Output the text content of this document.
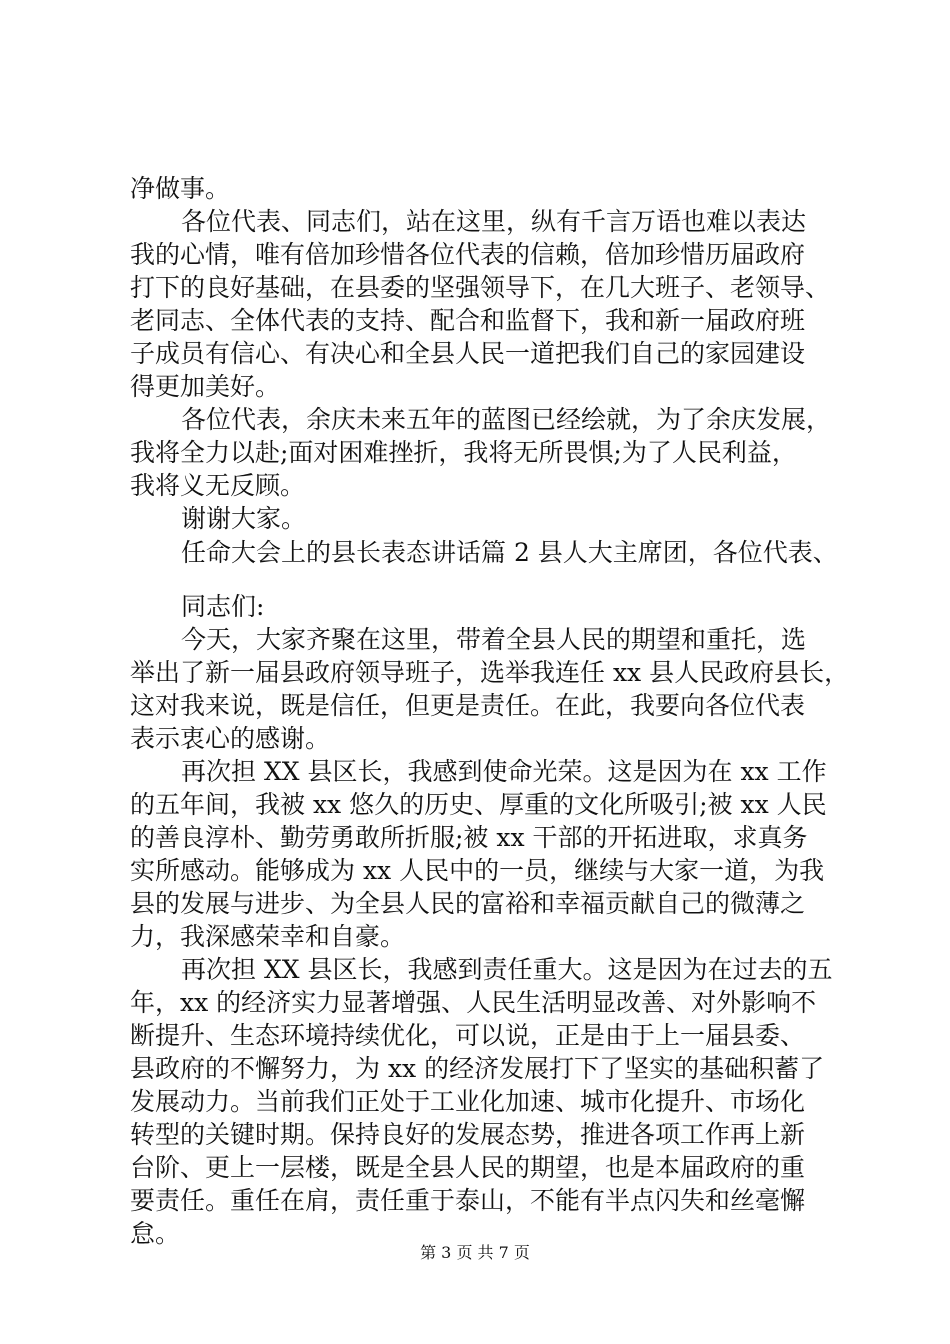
净做事。
各位代表、同志们，站在这里，纵有千言万语也难以表达
我的心情，唯有倍加珍惜各位代表的信赖，倍加珍惜历届政府
打下的良好基础，在县委的坚强领导下，在几大班子、老领导、
老同志、全体代表的支持、配合和监督下，我和新一届政府班
子成员有信心、有决心和全县人民一道把我们自己的家园建设
得更加美好。
各位代表，余庆未来五年的蓝图已经绘就，为了余庆发展，
我将全力以赴;面对困难挫折，我将无所畏惧;为了人民利益，
我将义无反顾。
谢谢大家。
任命大会上的县长表态讲话篇 2 县人大主席团，各位代表、
同志们:
今天，大家齐聚在这里，带着全县人民的期望和重托，选
举出了新一届县政府领导班子，选举我连任 xx 县人民政府县长，
这对我来说，既是信任，但更是责任。在此，我要向各位代表
表示衷心的感谢。
再次担 XX 县区长，我感到使命光荣。这是因为在 xx 工作
的五年间，我被 xx 悠久的历史、厚重的文化所吸引;被 xx 人民
的善良淳朴、勤劳勇敢所折服;被 xx 干部的开拓进取，求真务
实所感动。能够成为 xx 人民中的一员，继续与大家一道，为我
县的发展与进步、为全县人民的富裕和幸福贡献自己的微薄之
力，我深感荣幸和自豪。
再次担 XX 县区长，我感到责任重大。这是因为在过去的五
年，xx 的经济实力显著增强、人民生活明显改善、对外影响不
断提升、生态环境持续优化，可以说，正是由于上一届县委、
县政府的不懈努力，为 xx 的经济发展打下了坚实的基础积蓄了
发展动力。当前我们正处于工业化加速、城市化提升、市场化
转型的关键时期。保持良好的发展态势，推进各项工作再上新
台阶、更上一层楼，既是全县人民的期望，也是本届政府的重
要责任。重任在肩，责任重于泰山，不能有半点闪失和丝毫懈
怠。
第 3 页 共 7 页
